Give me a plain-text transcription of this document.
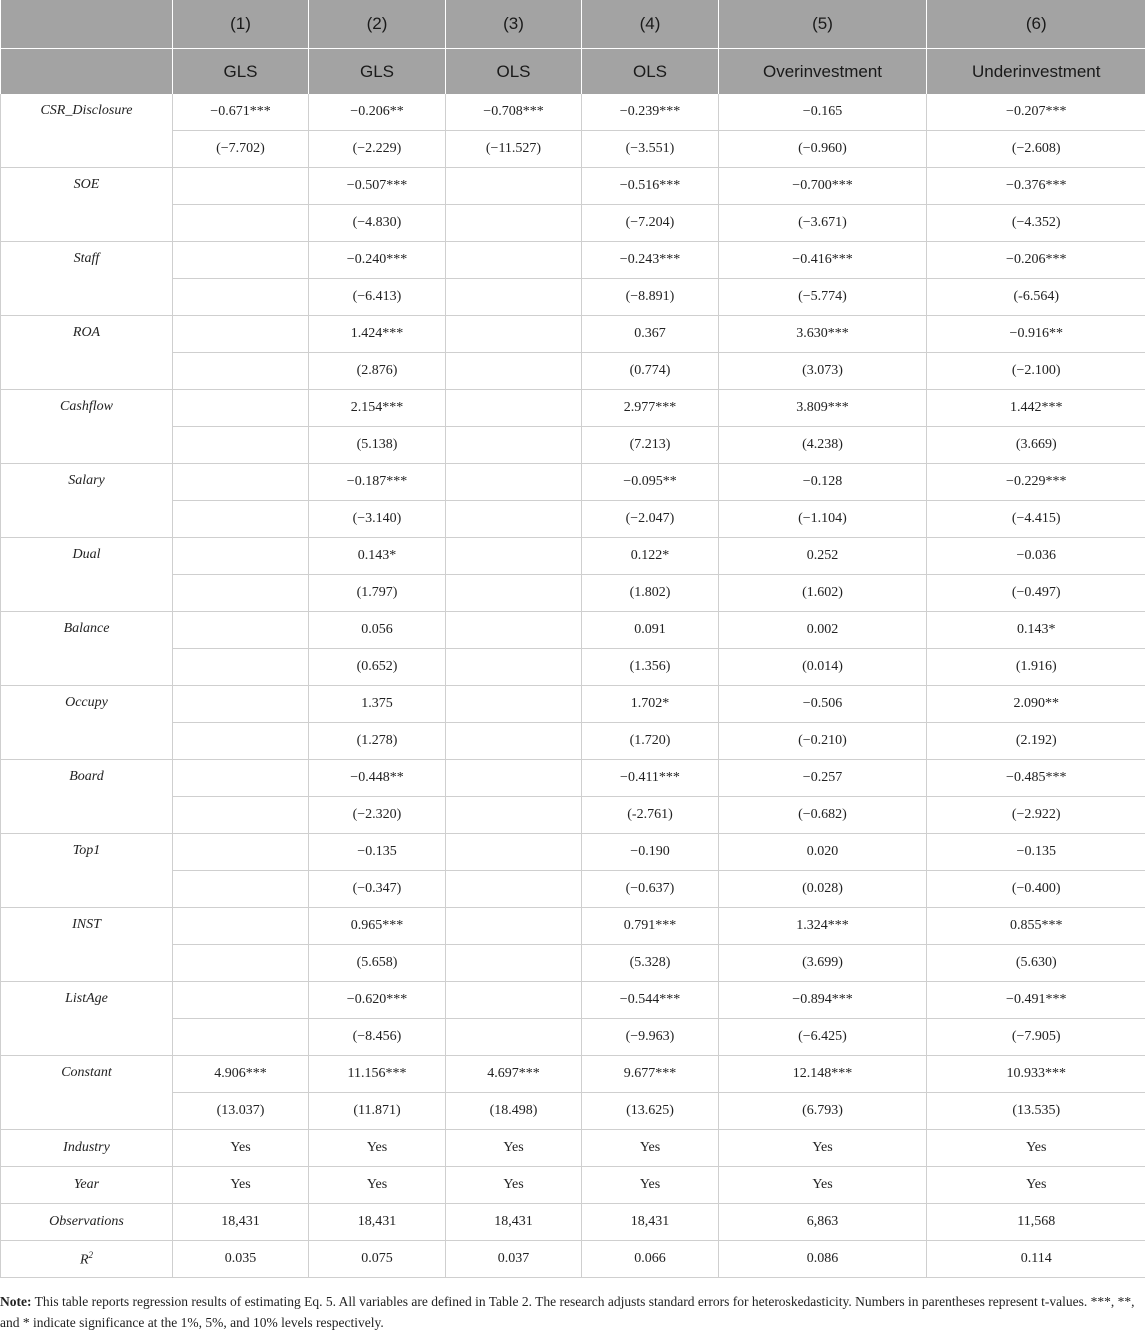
	(1)	(2)	(3)	(4)	(5)	(6)
	GLS	GLS	OLS	OLS	Overinvestment	Underinvestment
CSR_Disclosure	−0.671***	−0.206**	−0.708***	−0.239***	−0.165	−0.207***
	(−7.702)	(−2.229)	(−11.527)	(−3.551)	(−0.960)	(−2.608)
SOE		−0.507***		−0.516***	−0.700***	−0.376***
		(−4.830)		(−7.204)	(−3.671)	(−4.352)
Staff		−0.240***		−0.243***	−0.416***	−0.206***
		(−6.413)		(−8.891)	(−5.774)	(-6.564)
ROA		1.424***		0.367	3.630***	−0.916**
		(2.876)		(0.774)	(3.073)	(−2.100)
Cashflow		2.154***		2.977***	3.809***	1.442***
		(5.138)		(7.213)	(4.238)	(3.669)
Salary		−0.187***		−0.095**	−0.128	−0.229***
		(−3.140)		(−2.047)	(−1.104)	(−4.415)
Dual		0.143*		0.122*	0.252	−0.036
		(1.797)		(1.802)	(1.602)	(−0.497)
Balance		0.056		0.091	0.002	0.143*
		(0.652)		(1.356)	(0.014)	(1.916)
Occupy		1.375		1.702*	−0.506	2.090**
		(1.278)		(1.720)	(−0.210)	(2.192)
Board		−0.448**		−0.411***	−0.257	−0.485***
		(−2.320)		(-2.761)	(−0.682)	(−2.922)
Top1		−0.135		−0.190	0.020	−0.135
		(−0.347)		(−0.637)	(0.028)	(−0.400)
INST		0.965***		0.791***	1.324***	0.855***
		(5.658)		(5.328)	(3.699)	(5.630)
ListAge		−0.620***		−0.544***	−0.894***	−0.491***
		(−8.456)		(−9.963)	(−6.425)	(−7.905)
Constant	4.906***	11.156***	4.697***	9.677***	12.148***	10.933***
	(13.037)	(11.871)	(18.498)	(13.625)	(6.793)	(13.535)
Industry	Yes	Yes	Yes	Yes	Yes	Yes
Year	Yes	Yes	Yes	Yes	Yes	Yes
Observations	18,431	18,431	18,431	18,431	6,863	11,568
$R^2$	0.035	0.075	0.037	0.066	0.086	0.114
Note: This table reports regression results of estimating Eq. 5. All variables are defined in Table 2. The research adjusts standard errors for heteroskedasticity. Numbers in parentheses represent t-values. ***, **, and * indicate significance at the 1%, 5%, and 10% levels respectively.
